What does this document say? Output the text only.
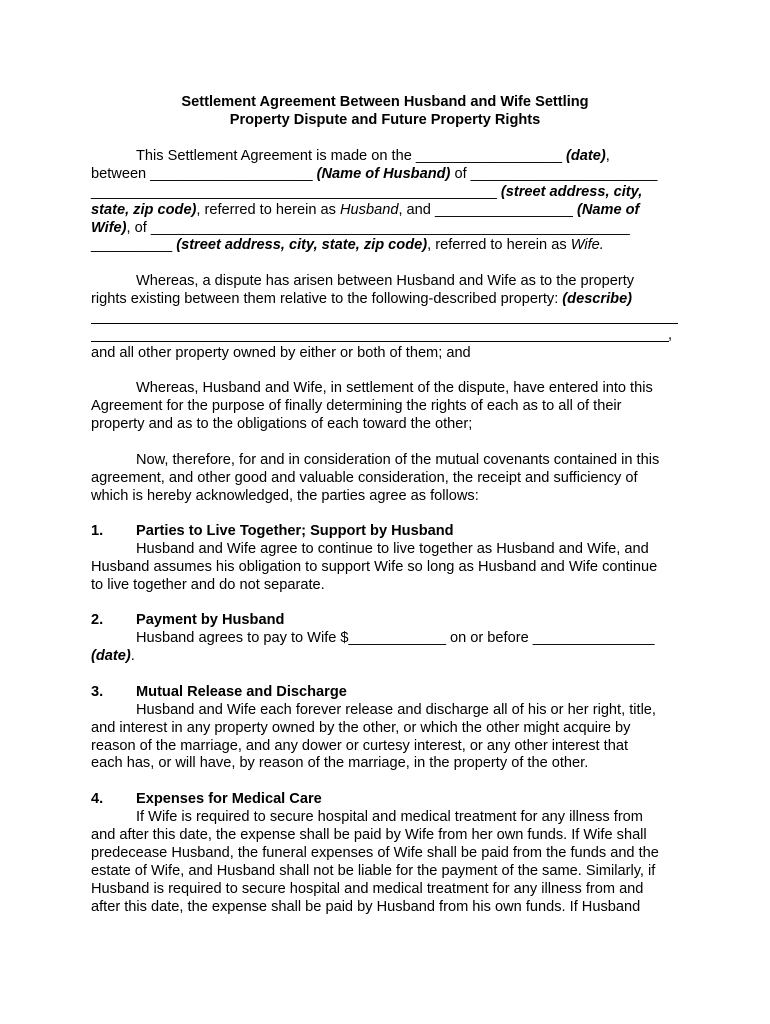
Settlement Agreement Between Husband and Wife Settling
Property Dispute and Future Property Rights
This Settlement Agreement is made on the __________________ (date),
between ____________________ (Name of Husband) of _______________________
__________________________________________________ (street address, city,
state, zip code), referred to herein as Husband, and _________________ (Name of
Wife), of ___________________________________________________________
__________ (street address, city, state, zip code), referred to herein as Wife.
Whereas, a dispute has arisen between Husband and Wife as to the property
rights existing between them relative to the following-described property: (describe)
,
and all other property owned by either or both of them; and
Whereas, Husband and Wife, in settlement of the dispute, have entered into this
Agreement for the purpose of finally determining the rights of each as to all of their
property and as to the obligations of each toward the other;
Now, therefore, for and in consideration of the mutual covenants contained in this
agreement, and other good and valuable consideration, the receipt and sufficiency of
which is hereby acknowledged, the parties agree as follows:
1. Parties to Live Together; Support by Husband
Husband and Wife agree to continue to live together as Husband and Wife, and
Husband assumes his obligation to support Wife so long as Husband and Wife continue
to live together and do not separate.
2. Payment by Husband
Husband agrees to pay to Wife $____________ on or before _______________
(date).
3. Mutual Release and Discharge
Husband and Wife each forever release and discharge all of his or her right, title,
and interest in any property owned by the other, or which the other might acquire by
reason of the marriage, and any dower or curtesy interest, or any other interest that
each has, or will have, by reason of the marriage, in the property of the other.
4. Expenses for Medical Care
If Wife is required to secure hospital and medical treatment for any illness from
and after this date, the expense shall be paid by Wife from her own funds. If Wife shall
predecease Husband, the funeral expenses of Wife shall be paid from the funds and the
estate of Wife, and Husband shall not be liable for the payment of the same. Similarly, if
Husband is required to secure hospital and medical treatment for any illness from and
after this date, the expense shall be paid by Husband from his own funds. If Husband
